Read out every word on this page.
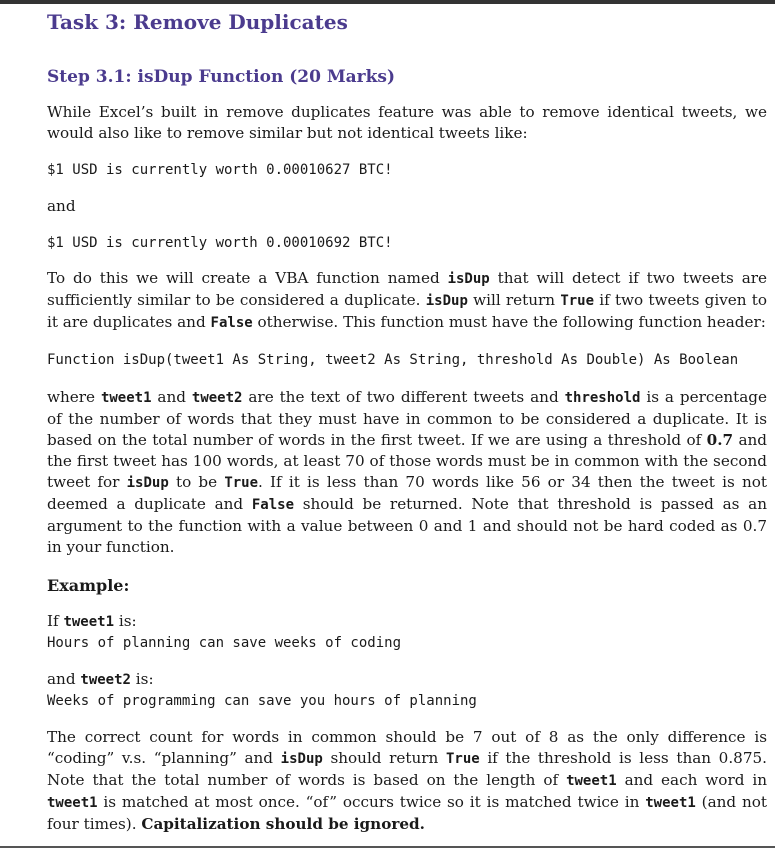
Task 3: Remove Duplicates
Step 3.1: isDup Function (20 Marks)

While Excel’s built in remove duplicates feature was able to remove identical tweets, we would also like to remove similar but not identical tweets like:

$1 USD is currently worth 0.00010627 BTC!

and

$1 USD is currently worth 0.00010692 BTC!

To do this we will create a VBA function named isDup that will detect if two tweets are sufficiently similar to be considered a duplicate. isDup will return True if two tweets given to it are duplicates and False otherwise. This function must have the following function header:

Function isDup(tweet1 As String, tweet2 As String, threshold As Double) As Boolean

where tweet1 and tweet2 are the text of two different tweets and threshold is a percentage of the number of words that they must have in common to be considered a duplicate. It is based on the total number of words in the first tweet. If we are using a threshold of 0.7 and the first tweet has 100 words, at least 70 of those words must be in common with the second tweet for isDup to be True. If it is less than 70 words like 56 or 34 then the tweet is not deemed a duplicate and False should be returned. Note that threshold is passed as an argument to the function with a value between 0 and 1 and should not be hard coded as 0.7 in your function.

Example:

If tweet1 is:

Hours of planning can save weeks of coding

and tweet2 is:

Weeks of programming can save you hours of planning

The correct count for words in common should be 7 out of 8 as the only difference is “coding” v.s. “planning” and isDup should return True if the threshold is less than 0.875. Note that the total number of words is based on the length of tweet1 and each word in tweet1 is matched at most once. “of” occurs twice so it is matched twice in tweet1 (and not four times). Capitalization should be ignored.
